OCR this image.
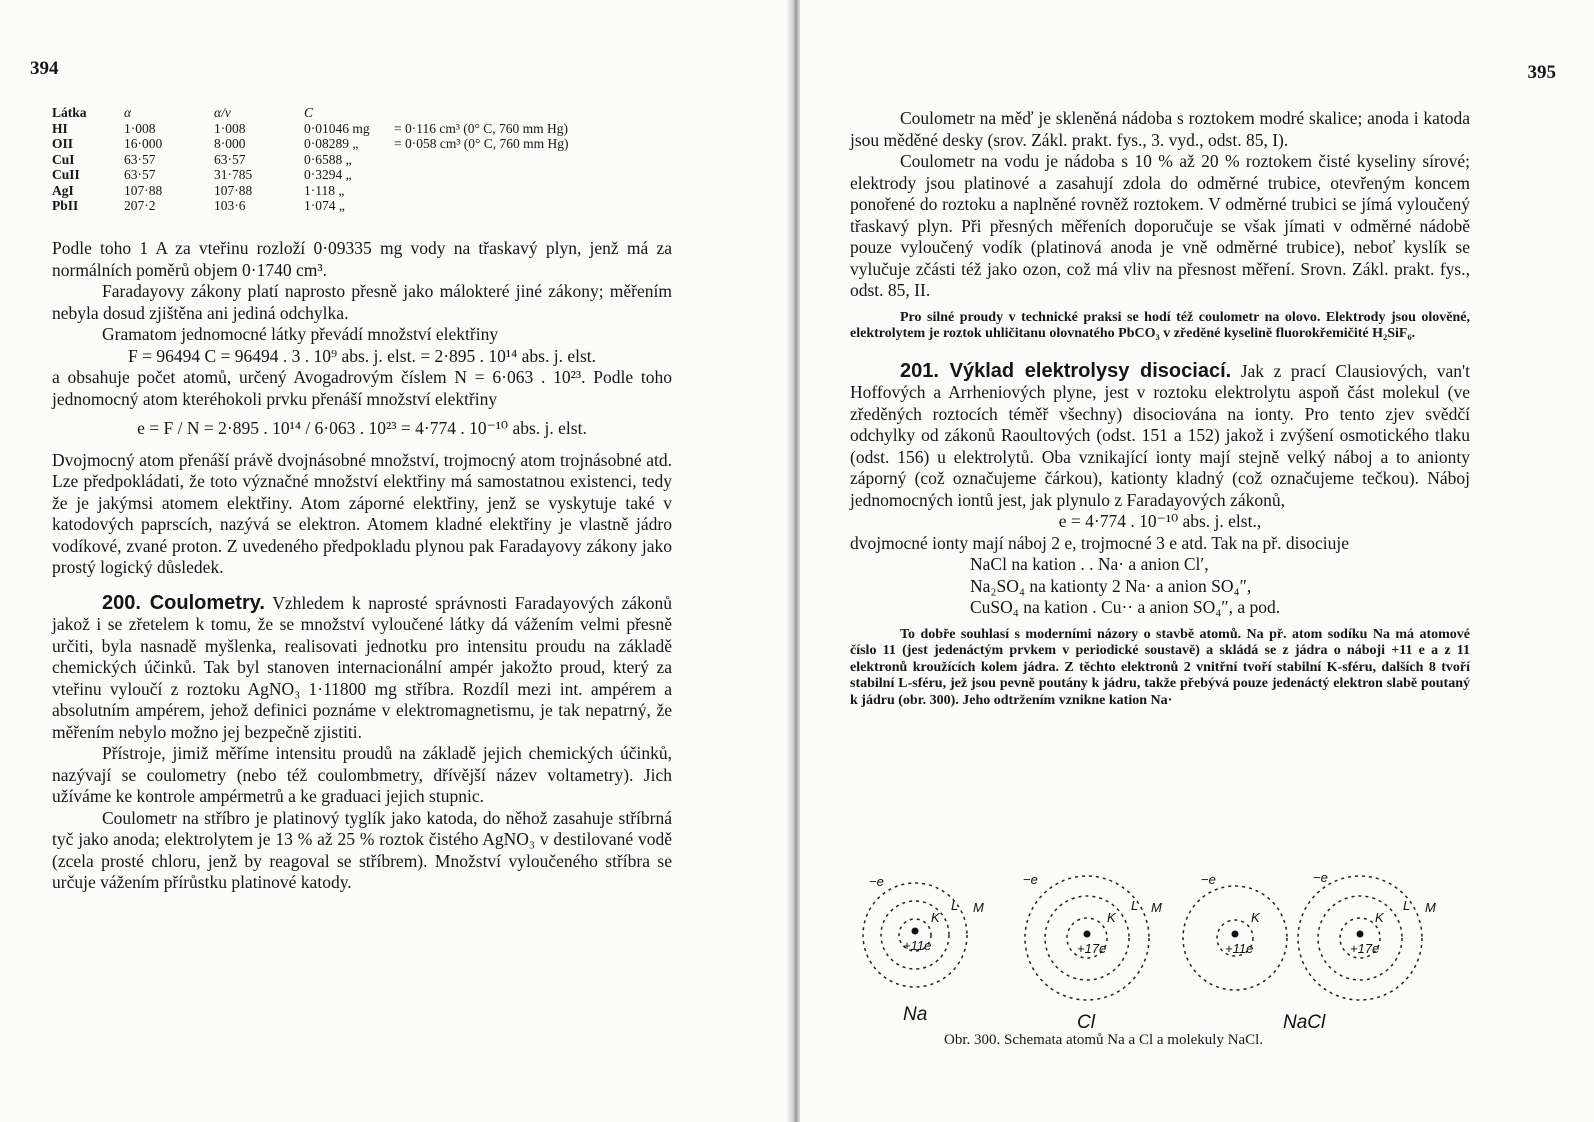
394
Látka	α	α/v	C
HI	1·008	1·008	0·01046 mg	= 0·116 cm³ (0° C, 760 mm Hg)
OII	16·000	8·000	0·08289 „	= 0·058 cm³ (0° C, 760 mm Hg)
CuI	63·57	63·57	0·6588 „
CuII	63·57	31·785	0·3294 „
AgI	107·88	107·88	1·118 „
PbII	207·2	103·6	1·074 „

Podle toho 1 A za vteřinu rozloží 0·09335 mg vody na třaskavý plyn, jenž má za normálních poměrů objem 0·1740 cm³.

Faradayovy zákony platí naprosto přesně jako málokteré jiné zákony; měřením nebyla dosud zjištěna ani jediná odchylka.

Gramatom jednomocné látky převádí množství elektřiny

F = 96494 C = 96494 . 3 . 10⁹ abs. j. elst. = 2·895 . 10¹⁴ abs. j. elst.

a obsahuje počet atomů, určený Avogadrovým číslem N = 6·063 . 10²³. Podle toho jednomocný atom kteréhokoli prvku přenáší množství elektřiny

e = F / N = 2·895 . 10¹⁴ / 6·063 . 10²³ = 4·774 . 10⁻¹⁰ abs. j. elst.

Dvojmocný atom přenáší právě dvojnásobné množství, trojmocný atom trojnásobné atd. Lze předpokládati, že toto význačné množství elektřiny má samostatnou existenci, tedy že je jakýmsi atomem elektřiny. Atom záporné elektřiny, jenž se vyskytuje také v katodových paprscích, nazývá se elektron. Atomem kladné elektřiny je vlastně jádro vodíkové, zvané proton. Z uvedeného předpokladu plynou pak Faradayovy zákony jako prostý logický důsledek.

200. Coulometry. Vzhledem k naprosté správnosti Faradayových zákonů jakož i se zřetelem k tomu, že se množství vyloučené látky dá vážením velmi přesně určiti, byla nasnadě myšlenka, realisovati jednotku pro intensitu proudu na základě chemických účinků. Tak byl stanoven internacionální ampér jakožto proud, který za vteřinu vyloučí z roztoku AgNO₃ 1·11800 mg stříbra. Rozdíl mezi int. ampérem a absolutním ampérem, jehož definici poznáme v elektromagnetismu, je tak nepatrný, že měřením nebylo možno jej bezpečně zjistiti.

Přístroje, jimiž měříme intensitu proudů na základě jejich chemických účinků, nazývají se coulometry (nebo též coulombmetry, dřívější název voltametry). Jich užíváme ke kontrole ampérmetrů a ke graduaci jejich stupnic.

Coulometr na stříbro je platinový tyglík jako katoda, do něhož zasahuje stříbrná tyč jako anoda; elektrolytem je 13 % až 25 % roztok čistého AgNO₃ v destilované vodě (zcela prosté chloru, jenž by reagoval se stříbrem). Množství vyloučeného stříbra se určuje vážením přírůstku platinové katody.

395

Coulometr na měď je skleněná nádoba s roztokem modré skalice; anoda i katoda jsou měděné desky (srov. Zákl. prakt. fys., 3. vyd., odst. 85, I).

Coulometr na vodu je nádoba s 10 % až 20 % roztokem čisté kyseliny sírové; elektrody jsou platinové a zasahují zdola do odměrné trubice, otevřeným koncem ponořené do roztoku a naplněné rovněž roztokem. V odměrné trubici se jímá vyloučený třaskavý plyn. Při přesných měřeních doporučuje se však jímati v odměrné nádobě pouze vyloučený vodík (platinová anoda je vně odměrné trubice), neboť kyslík se vylučuje zčásti též jako ozon, což má vliv na přesnost měření. Srovn. Zákl. prakt. fys., odst. 85, II.

Pro silné proudy v technické praksi se hodí též coulometr na olovo. Elektrody jsou olověné, elektrolytem je roztok uhličitanu olovnatého PbCO₃ v zředěné kyselině fluorokřemičité H₂SiF₆.

201. Výklad elektrolysy disociací. Jak z prací Clausiových, van't Hoffových a Arrheniových plyne, jest v roztoku elektrolytu aspoň část molekul (ve zředěných roztocích téměř všechny) disociována na ionty. Pro tento zjev svědčí odchylky od zákonů Raoultových (odst. 151 a 152) jakož i zvýšení osmotického tlaku (odst. 156) u elektrolytů. Oba vznikající ionty mají stejně velký náboj a to anionty záporný (což označujeme čárkou), kationty kladný (což označujeme tečkou). Náboj jednomocných iontů jest, jak plynulo z Faradayových zákonů,

e = 4·774 . 10⁻¹⁰ abs. j. elst.,

dvojmocné ionty mají náboj 2 e, trojmocné 3 e atd. Tak na př. disociuje

NaCl na kation . . Na· a anion Cl′,

Na₂SO₄ na kationty 2 Na· a anion SO₄″,

CuSO₄ na kation . Cu·· a anion SO₄″, a pod.

To dobře souhlasí s moderními názory o stavbě atomů. Na př. atom sodíku Na má atomové číslo 11 (jest jedenáctým prvkem v periodické soustavě) a skládá se z jádra o náboji +11 e a z 11 elektronů kroužících kolem jádra. Z těchto elektronů 2 vnitřní tvoří stabilní K-sféru, dalších 8 tvoří stabilní L-sféru, jež jsou pevně poutány k jádru, takže přebývá pouze jedenáctý elektron slabě poutaný k jádru (obr. 300). Jeho odtržením vznikne kation Na·

+11e	+17e	+11e	+17e
K
L M
K
L M
K	K
L M
−e	−e	−e	−e
Na	Cl	NaCl
Obr. 300. Schemata atomů Na a Cl a molekuly NaCl.
